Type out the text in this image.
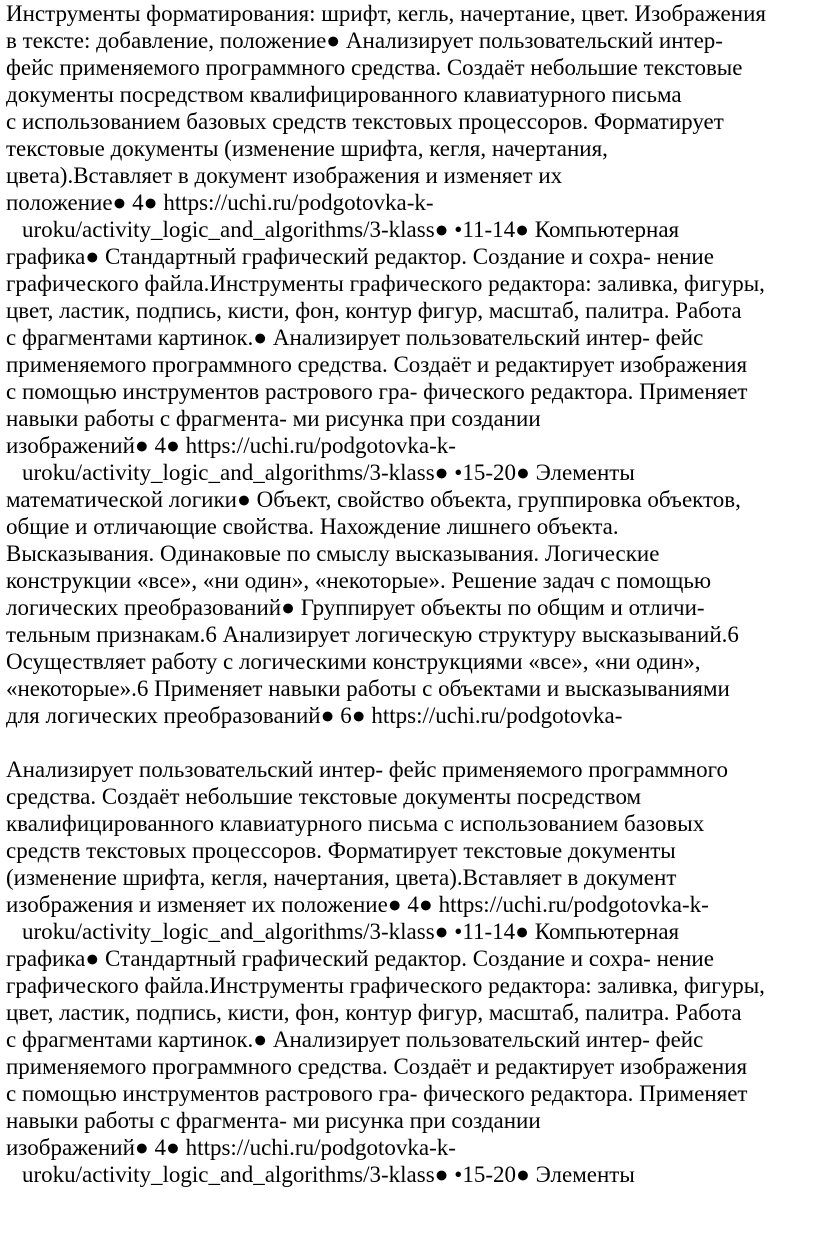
Инструменты форматирования: шрифт, кегль, начертание, цвет. Изображения
в тексте: добавление, положение● Анализирует пользовательский интер-
фейс применяемого программного средства. Создаёт небольшие текстовые
документы посредством квалифицированного клавиатурного письма
с использованием базовых средств текстовых процессоров. Форматирует
текстовые документы (изменение шрифта, кегля, начертания,
цвета).Вставляет в документ изображения и изменяет их
положение● 4● https://uchi.ru/podgotovka-k-
uroku/activity_logic_and_algorithms/3-klass● •11-14● Компьютерная
графика● Стандартный графический редактор. Создание и сохра- нение
графического файла.Инструменты графического редактора: заливка, фигуры,
цвет, ластик, подпись, кисти, фон, контур фигур, масштаб, палитра. Работа
с фрагментами картинок.● Анализирует пользовательский интер- фейс
применяемого программного средства. Создаёт и редактирует изображения
с помощью инструментов растрового гра- фического редактора. Применяет
навыки работы с фрагмента- ми рисунка при создании
изображений● 4● https://uchi.ru/podgotovka-k-
uroku/activity_logic_and_algorithms/3-klass● •15-20● Элементы
математической логики● Объект, свойство объекта, группировка объектов,
общие и отличающие свойства. Нахождение лишнего объекта.
Высказывания. Одинаковые по смыслу высказывания. Логические
конструкции «все», «ни один», «некоторые». Решение задач с помощью
логических преобразований● Группирует объекты по общим и отличи-
тельным признакам.6 Анализирует логическую структуру высказываний.6
Осуществляет работу с логическими конструкциями «все», «ни один»,
«некоторые».6 Применяет навыки работы с объектами и высказываниями
для логических преобразований● 6● https://uchi.ru/podgotovka-
Анализирует пользовательский интер- фейс применяемого программного
средства. Создаёт небольшие текстовые документы посредством
квалифицированного клавиатурного письма с использованием базовых
средств текстовых процессоров. Форматирует текстовые документы
(изменение шрифта, кегля, начертания, цвета).Вставляет в документ
изображения и изменяет их положение● 4● https://uchi.ru/podgotovka-k-
uroku/activity_logic_and_algorithms/3-klass● •11-14● Компьютерная
графика● Стандартный графический редактор. Создание и сохра- нение
графического файла.Инструменты графического редактора: заливка, фигуры,
цвет, ластик, подпись, кисти, фон, контур фигур, масштаб, палитра. Работа
с фрагментами картинок.● Анализирует пользовательский интер- фейс
применяемого программного средства. Создаёт и редактирует изображения
с помощью инструментов растрового гра- фического редактора. Применяет
навыки работы с фрагмента- ми рисунка при создании
изображений● 4● https://uchi.ru/podgotovka-k-
uroku/activity_logic_and_algorithms/3-klass● •15-20● Элементы
